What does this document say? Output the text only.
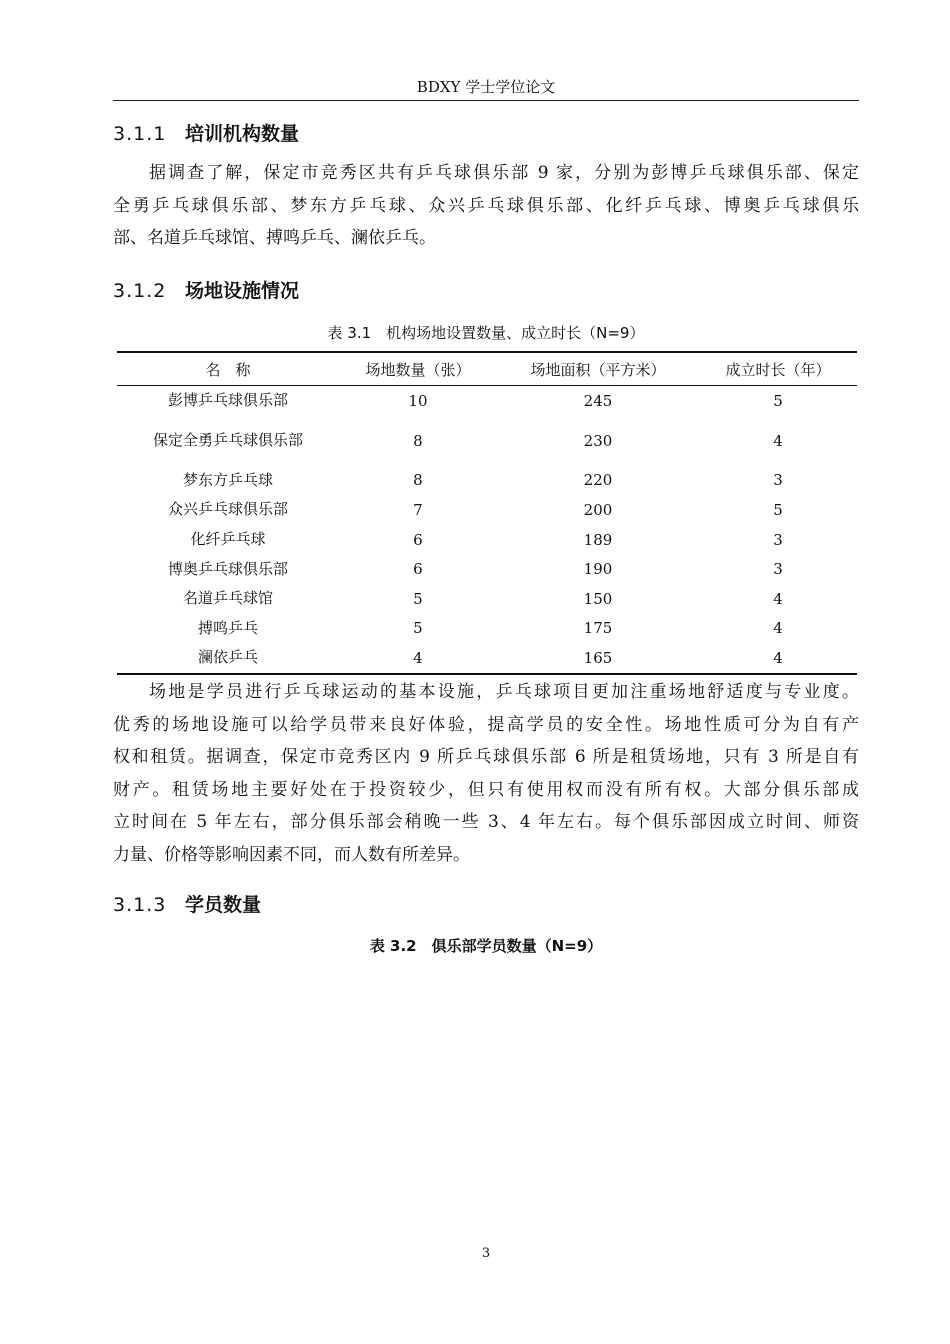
BDXY 学士学位论文
3.1.1 培训机构数量
据调查了解，保定市竞秀区共有乒乓球俱乐部 9 家，分别为彭博乒乓球俱乐部、保定
全勇乒乓球俱乐部、梦东方乒乓球、众兴乒乓球俱乐部、化纤乒乓球、博奥乒乓球俱乐
部、名道乒乓球馆、搏鸣乒乓、澜依乒乓。
3.1.2 场地设施情况
表 3.1　机构场地设置数量、成立时长（N=9）
名　称	场地数量（张）	场地面积（平方米）	成立时长（年）
彭博乒乓球俱乐部	10	245	5
保定全勇乒乓球俱乐部	8	230	4
梦东方乒乓球	8	220	3
众兴乒乓球俱乐部	7	200	5
化纤乒乓球	6	189	3
博奥乒乓球俱乐部	6	190	3
名道乒乓球馆	5	150	4
搏鸣乒乓	5	175	4
澜依乒乓	4	165	4
场地是学员进行乒乓球运动的基本设施，乒乓球项目更加注重场地舒适度与专业度。
优秀的场地设施可以给学员带来良好体验，提高学员的安全性。场地性质可分为自有产
权和租赁。据调查，保定市竞秀区内 9 所乒乓球俱乐部 6 所是租赁场地，只有 3 所是自有
财产。租赁场地主要好处在于投资较少，但只有使用权而没有所有权。大部分俱乐部成
立时间在 5 年左右，部分俱乐部会稍晚一些 3、4 年左右。每个俱乐部因成立时间、师资
力量、价格等影响因素不同，而人数有所差异。
3.1.3 学员数量
表 3.2　俱乐部学员数量（N=9）
3
